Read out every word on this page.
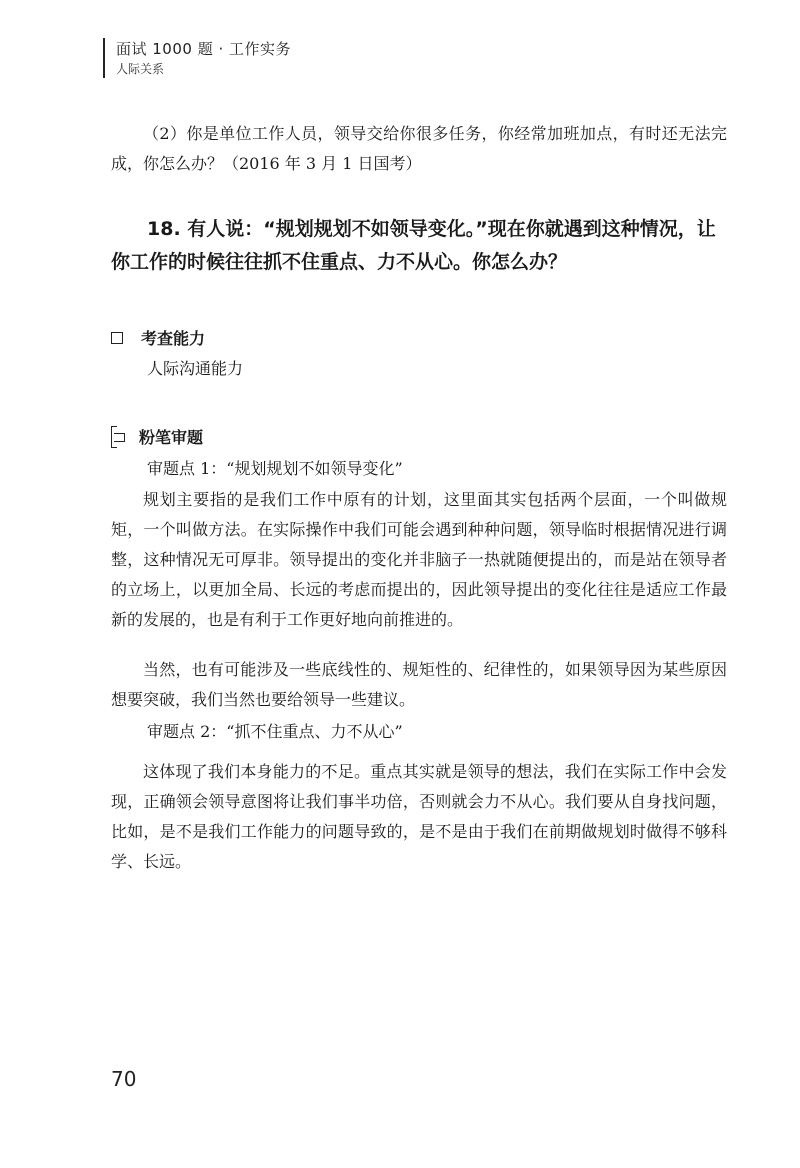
面试 1000 题 · 工作实务
人际关系

（2）你是单位工作人员，领导交给你很多任务，你经常加班加点，有时还无法完成，你怎么办？（2016 年 3 月 1 日国考）

18. 有人说：“规划规划不如领导变化。”现在你就遇到这种情况，让你工作的时候往往抓不住重点、力不从心。你怎么办？

考查能力
人际沟通能力
粉笔审题
审题点 1：“规划规划不如领导变化”

规划主要指的是我们工作中原有的计划，这里面其实包括两个层面，一个叫做规矩，一个叫做方法。在实际操作中我们可能会遇到种种问题，领导临时根据情况进行调整，这种情况无可厚非。领导提出的变化并非脑子一热就随便提出的，而是站在领导者的立场上，以更加全局、长远的考虑而提出的，因此领导提出的变化往往是适应工作最新的发展的，也是有利于工作更好地向前推进的。

当然，也有可能涉及一些底线性的、规矩性的、纪律性的，如果领导因为某些原因想要突破，我们当然也要给领导一些建议。

审题点 2：“抓不住重点、力不从心”

这体现了我们本身能力的不足。重点其实就是领导的想法，我们在实际工作中会发现，正确领会领导意图将让我们事半功倍，否则就会力不从心。我们要从自身找问题，比如，是不是我们工作能力的问题导致的，是不是由于我们在前期做规划时做得不够科学、长远。

70
